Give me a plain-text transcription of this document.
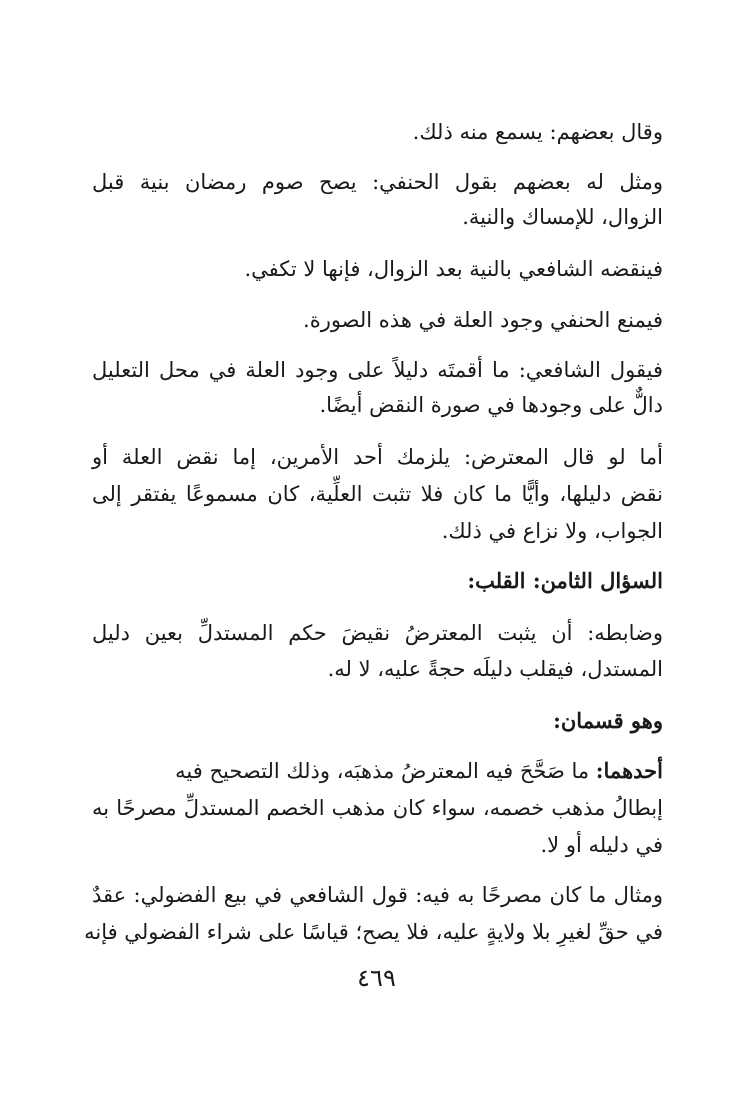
وقال بعضهم: يسمع منه ذلك.
ومثل له بعضهم بقول الحنفي: يصح صوم رمضان بنية قبل
الزوال، للإمساك والنية.
فينقضه الشافعي بالنية بعد الزوال، فإنها لا تكفي.
فيمنع الحنفي وجود العلة في هذه الصورة.
فيقول الشافعي: ما أقمتَه دليلاً على وجود العلة في محل التعليل
دالٌّ على وجودها في صورة النقض أيضًا.
أما لو قال المعترض: يلزمك أحد الأمرين، إما نقض العلة أو
نقض دليلها، وأيًّا ما كان فلا تثبت العلِّية، كان مسموعًا يفتقر إلى
الجواب، ولا نزاع في ذلك.
السؤال الثامن: القلب:
وضابطه: أن يثبت المعترضُ نقيضَ حكم المستدلِّ بعين دليل
المستدل، فيقلب دليلَه حجةً عليه، لا له.
وهو قسمان:
أحدهما: ما صَحَّحَ فيه المعترضُ مذهبَه، وذلك التصحيح فيه
إبطالُ مذهب خصمه، سواء كان مذهب الخصم المستدلِّ مصرحًا به
في دليله أو لا.
ومثال ما كان مصرحًا به فيه: قول الشافعي في بيع الفضولي: عقدٌ
في حقِّ لغيرِ بلا ولايةٍ عليه، فلا يصح؛ قياسًا على شراء الفضولي فإنه
٤٦٩
